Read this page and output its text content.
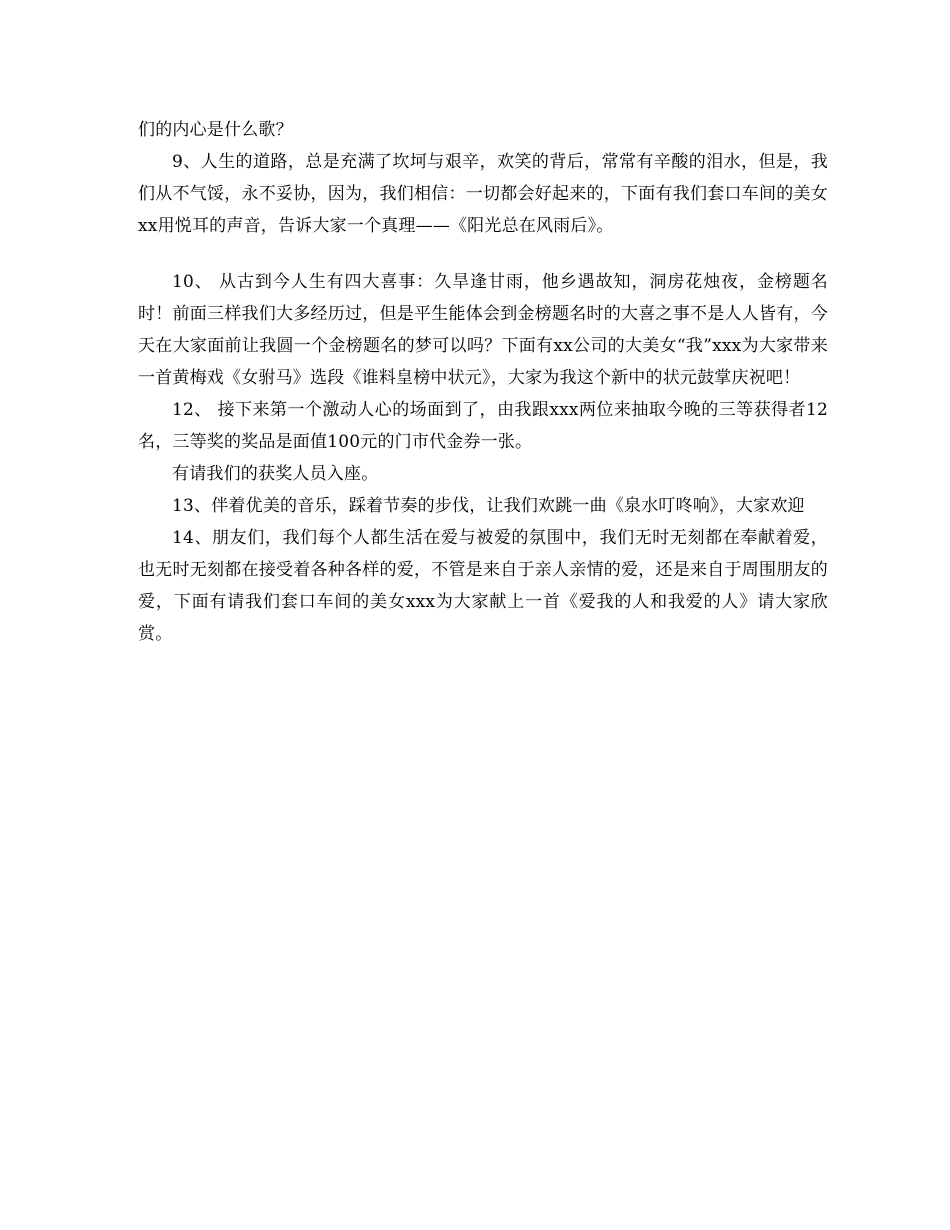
们的内心是什么歌？

9、人生的道路，总是充满了坎坷与艰辛，欢笑的背后，常常有辛酸的泪水，但是，我们从不气馁，永不妥协，因为，我们相信：一切都会好起来的，下面有我们套口车间的美女xx用悦耳的声音，告诉大家一个真理——《阳光总在风雨后》。

10、 从古到今人生有四大喜事：久旱逢甘雨，他乡遇故知，洞房花烛夜，金榜题名时！前面三样我们大多经历过，但是平生能体会到金榜题名时的大喜之事不是人人皆有，今天在大家面前让我圆一个金榜题名的梦可以吗？下面有xx公司的大美女“我”xxx为大家带来一首黄梅戏《女驸马》选段《谁料皇榜中状元》，大家为我这个新中的状元鼓掌庆祝吧！

12、 接下来第一个激动人心的场面到了，由我跟xxx两位来抽取今晚的三等获得者12名，三等奖的奖品是面值100元的门市代金券一张。

有请我们的获奖人员入座。

13、伴着优美的音乐，踩着节奏的步伐，让我们欢跳一曲《泉水叮咚响》，大家欢迎

14、朋友们，我们每个人都生活在爱与被爱的氛围中，我们无时无刻都在奉献着爱，也无时无刻都在接受着各种各样的爱，不管是来自于亲人亲情的爱，还是来自于周围朋友的爱，下面有请我们套口车间的美女xxx为大家献上一首《爱我的人和我爱的人》请大家欣赏。
